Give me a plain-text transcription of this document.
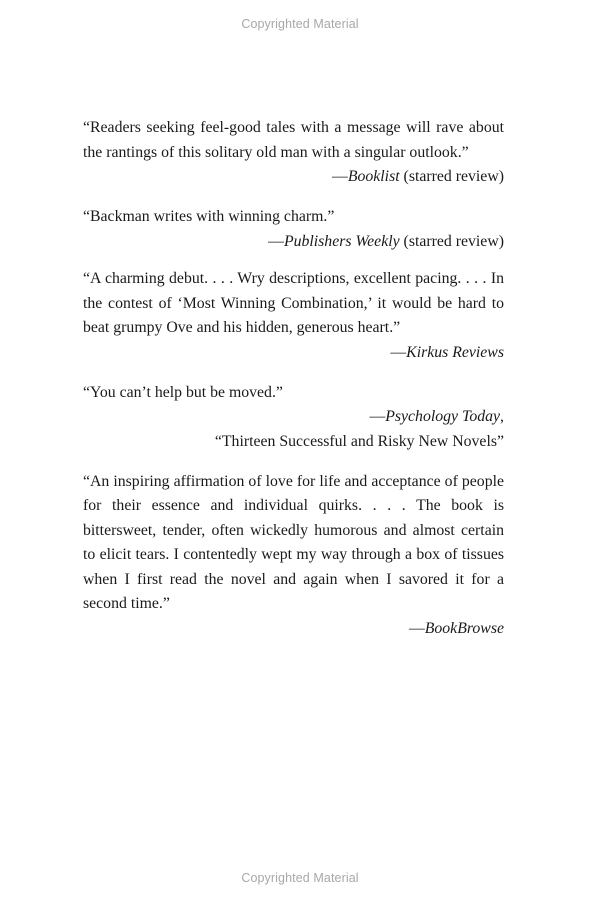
Copyrighted Material

“Readers seeking feel-good tales with a message will rave about the rantings of this solitary old man with a singular outlook.”

—Booklist (starred review)

“Backman writes with winning charm.”

—Publishers Weekly (starred review)

“A charming debut. . . . Wry descriptions, excellent pacing. . . . In the contest of ‘Most Winning Combination,’ it would be hard to beat grumpy Ove and his hidden, generous heart.”

—Kirkus Reviews

“You can’t help but be moved.”

—Psychology Today,

“Thirteen Successful and Risky New Novels”

“An inspiring affirmation of love for life and acceptance of people for their essence and individual quirks. . . . The book is bittersweet, tender, often wickedly humorous and almost certain to elicit tears. I contentedly wept my way through a box of tissues when I first read the novel and again when I savored it for a second time.”

—BookBrowse

Copyrighted Material
